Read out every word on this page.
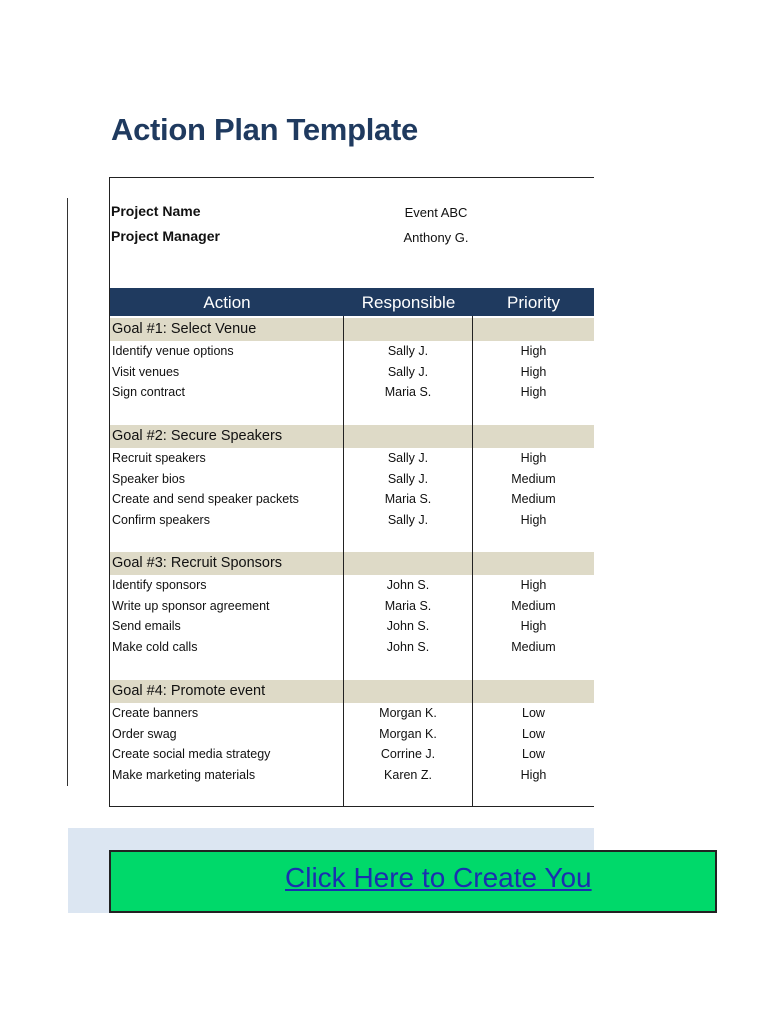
Action Plan Template
Project Name	Event ABC
Project Manager	Anthony G.
Action	Responsible	Priority
Goal #1: Select Venue
Identify venue options	Sally J.	High
Visit venues	Sally J.	High
Sign contract	Maria S.	High
Goal #2: Secure Speakers
Recruit speakers	Sally J.	High
Speaker bios	Sally J.	Medium
Create and send speaker packets	Maria S.	Medium
Confirm speakers	Sally J.	High
Goal #3: Recruit Sponsors
Identify sponsors	John S.	High
Write up sponsor agreement	Maria S.	Medium
Send emails	John S.	High
Make cold calls	John S.	Medium
Goal #4: Promote event
Create banners	Morgan K.	Low
Order swag	Morgan K.	Low
Create social media strategy	Corrine J.	Low
Make marketing materials	Karen Z.	High
Click Here to Create You
